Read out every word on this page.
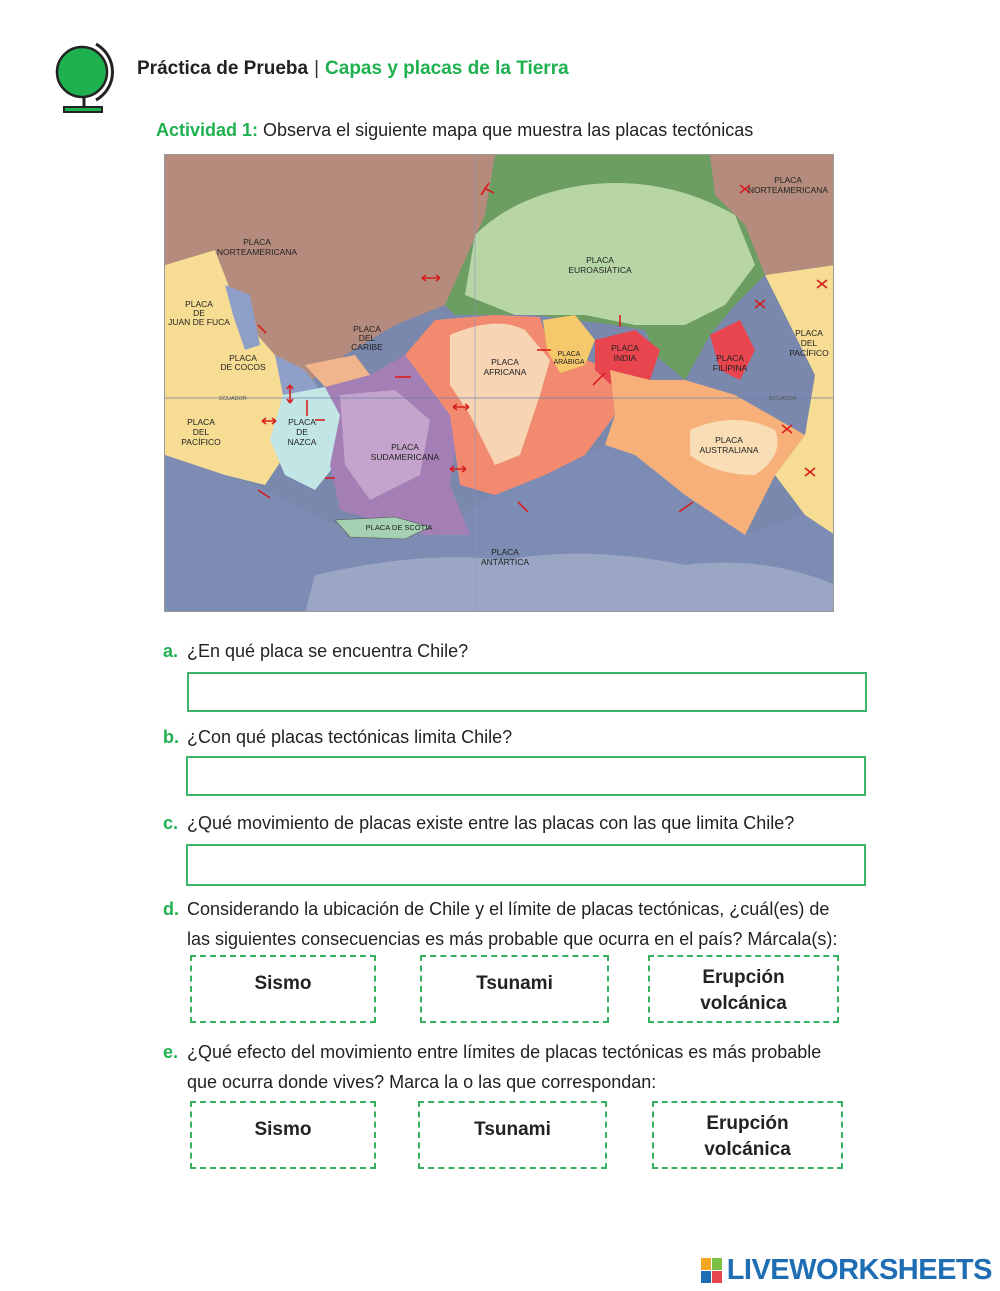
Práctica de Prueba | Capas y placas de la Tierra
Actividad 1: Observa el siguiente mapa que muestra las placas tectónicas
PLACA
NORTEAMERICANA
PLACA
NORTEAMERICANA
PLACA
DE
JUAN DE FUCA
PLACA
DEL
CARIBE
PLACA
DE COCOS
ECUADOR	ECUADOR
PLACA
DEL
PACÍFICO
PLACA
DEL
PACÍFICO
PLACA
DE
NAZCA	PLACA
SUDAMERICANA
PLACA DE SCOTIA
PLACA
ANTÁRTICA
PLACA
AFRICANA
PLACA
EUROASIÁTICA
PLACA
ARÁBIGA
PLACA
INDIA	PLACA
FILIPINA
PLACA
AUSTRALIANA
a. ¿En qué placa se encuentra Chile?
b. ¿Con qué placas tectónicas limita Chile?
c. ¿Qué movimiento de placas existe entre las placas con las que limita Chile?
d. Considerando la ubicación de Chile y el límite de placas tectónicas, ¿cuál(es) de
las siguientes consecuencias es más probable que ocurra en el país? Márcala(s):
Sismo	Tsunami	Erupción
volcánica
e. ¿Qué efecto del movimiento entre límites de placas tectónicas es más probable
que ocurra donde vives? Marca la o las que correspondan:
Sismo	Tsunami	Erupción
volcánica
LIVEWORKSHEETS
